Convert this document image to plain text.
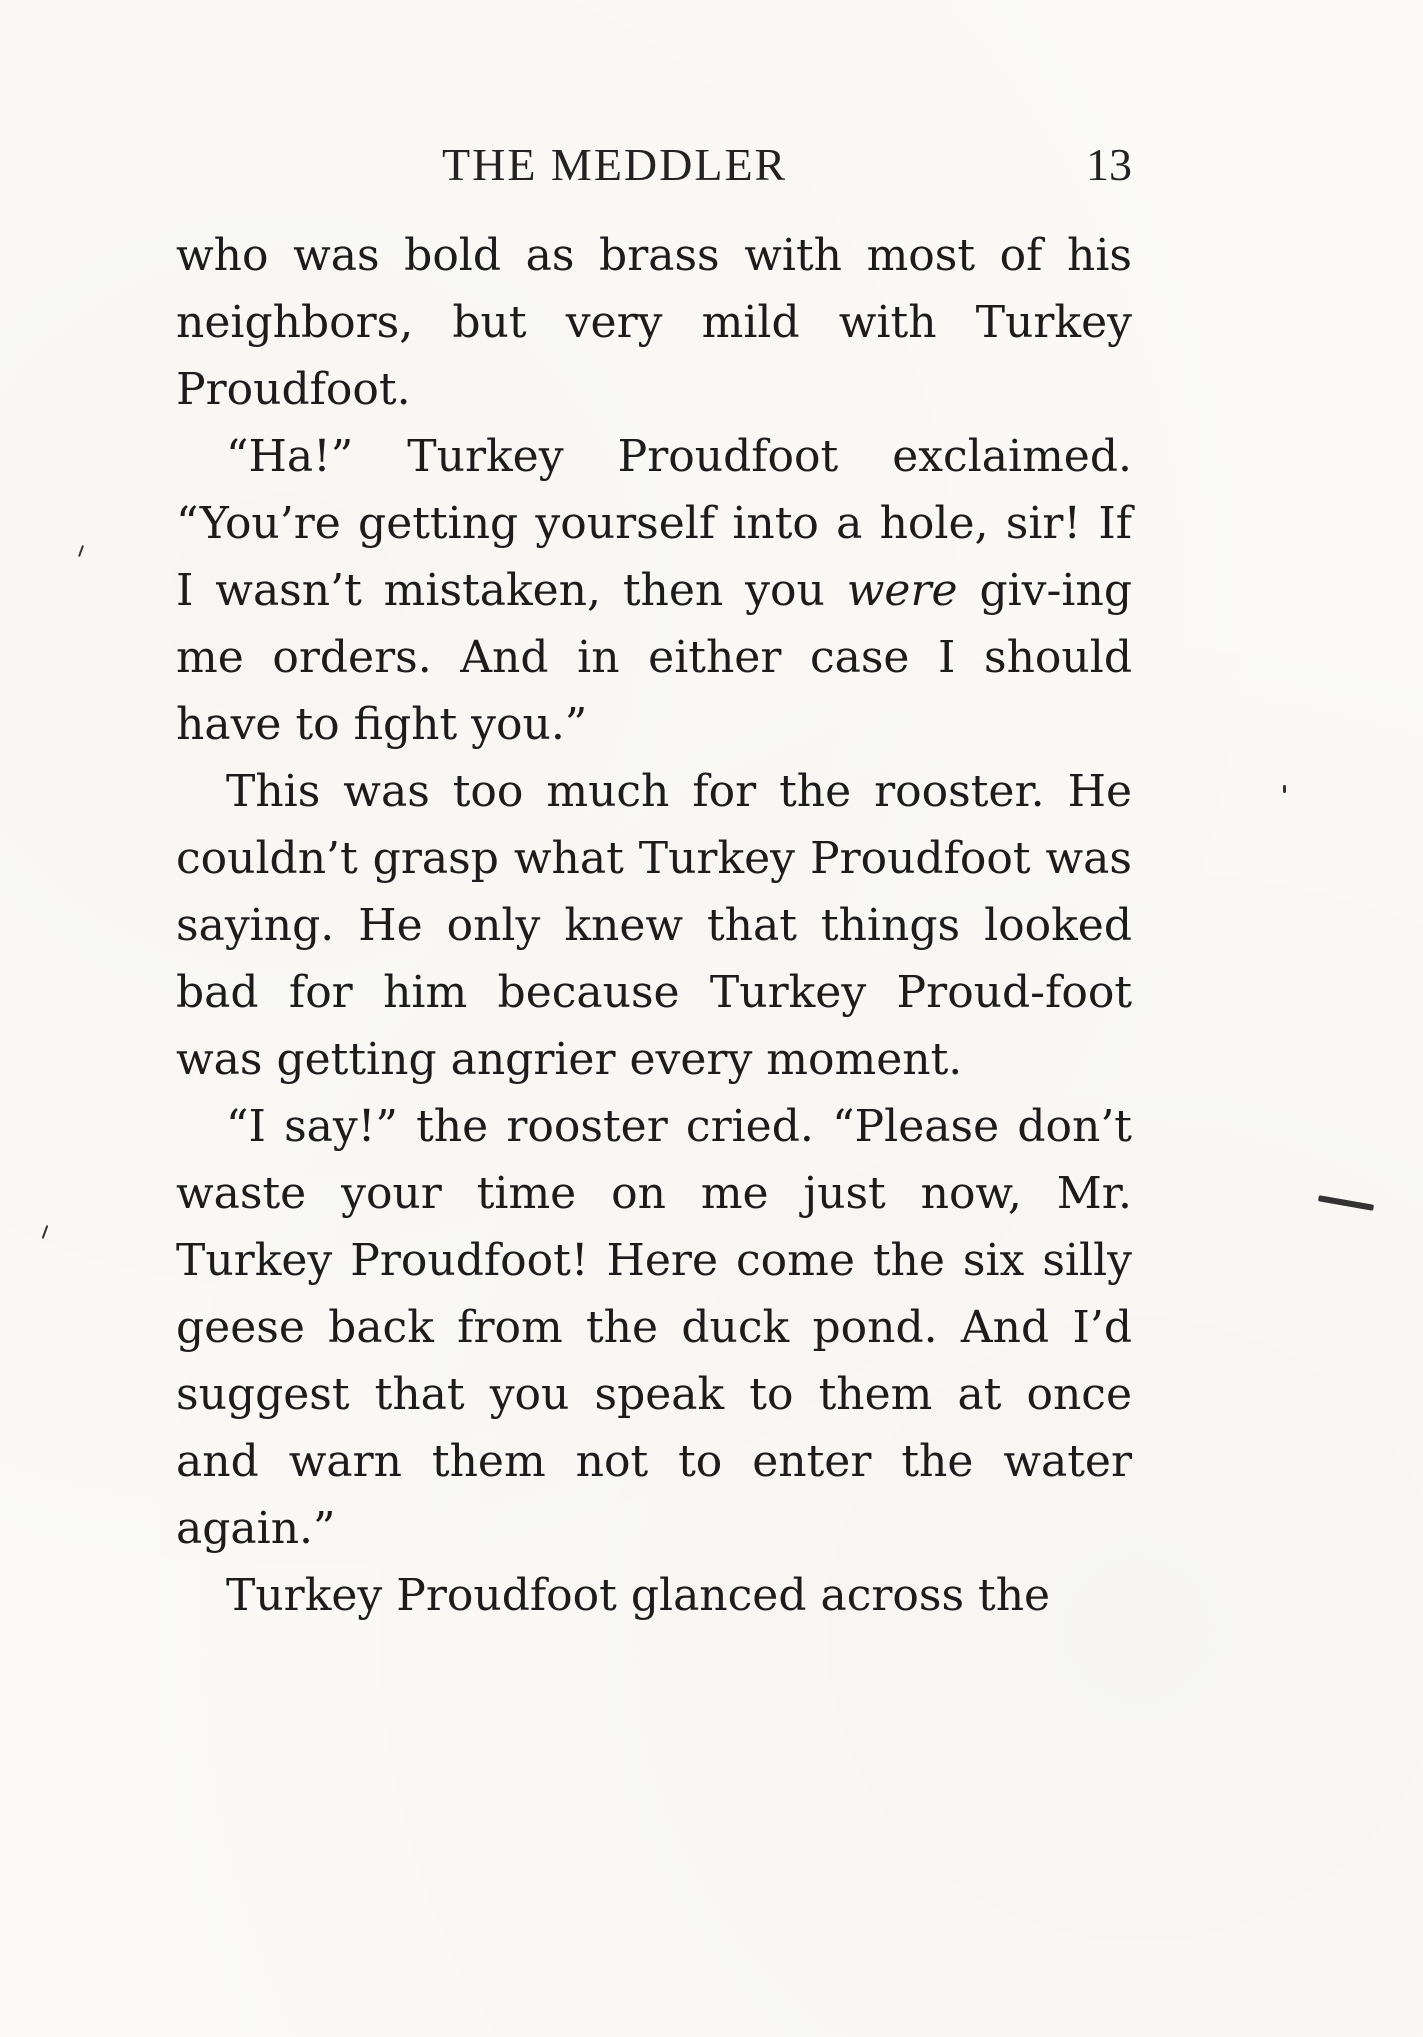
THE MEDDLER	13

who was bold as brass with most of his neighbors, but very mild with Turkey Proudfoot.

“Ha!” Turkey Proudfoot exclaimed. “You’re getting yourself into a hole, sir! If I wasn’t mistaken, then you were giv-ing me orders. And in either case I should have to fight you.”

This was too much for the rooster. He couldn’t grasp what Turkey Proudfoot was saying. He only knew that things looked bad for him because Turkey Proud-foot was getting angrier every moment.

“I say!” the rooster cried. “Please don’t waste your time on me just now, Mr. Turkey Proudfoot! Here come the six silly geese back from the duck pond. And I’d suggest that you speak to them at once and warn them not to enter the water again.”

Turkey Proudfoot glanced across the
